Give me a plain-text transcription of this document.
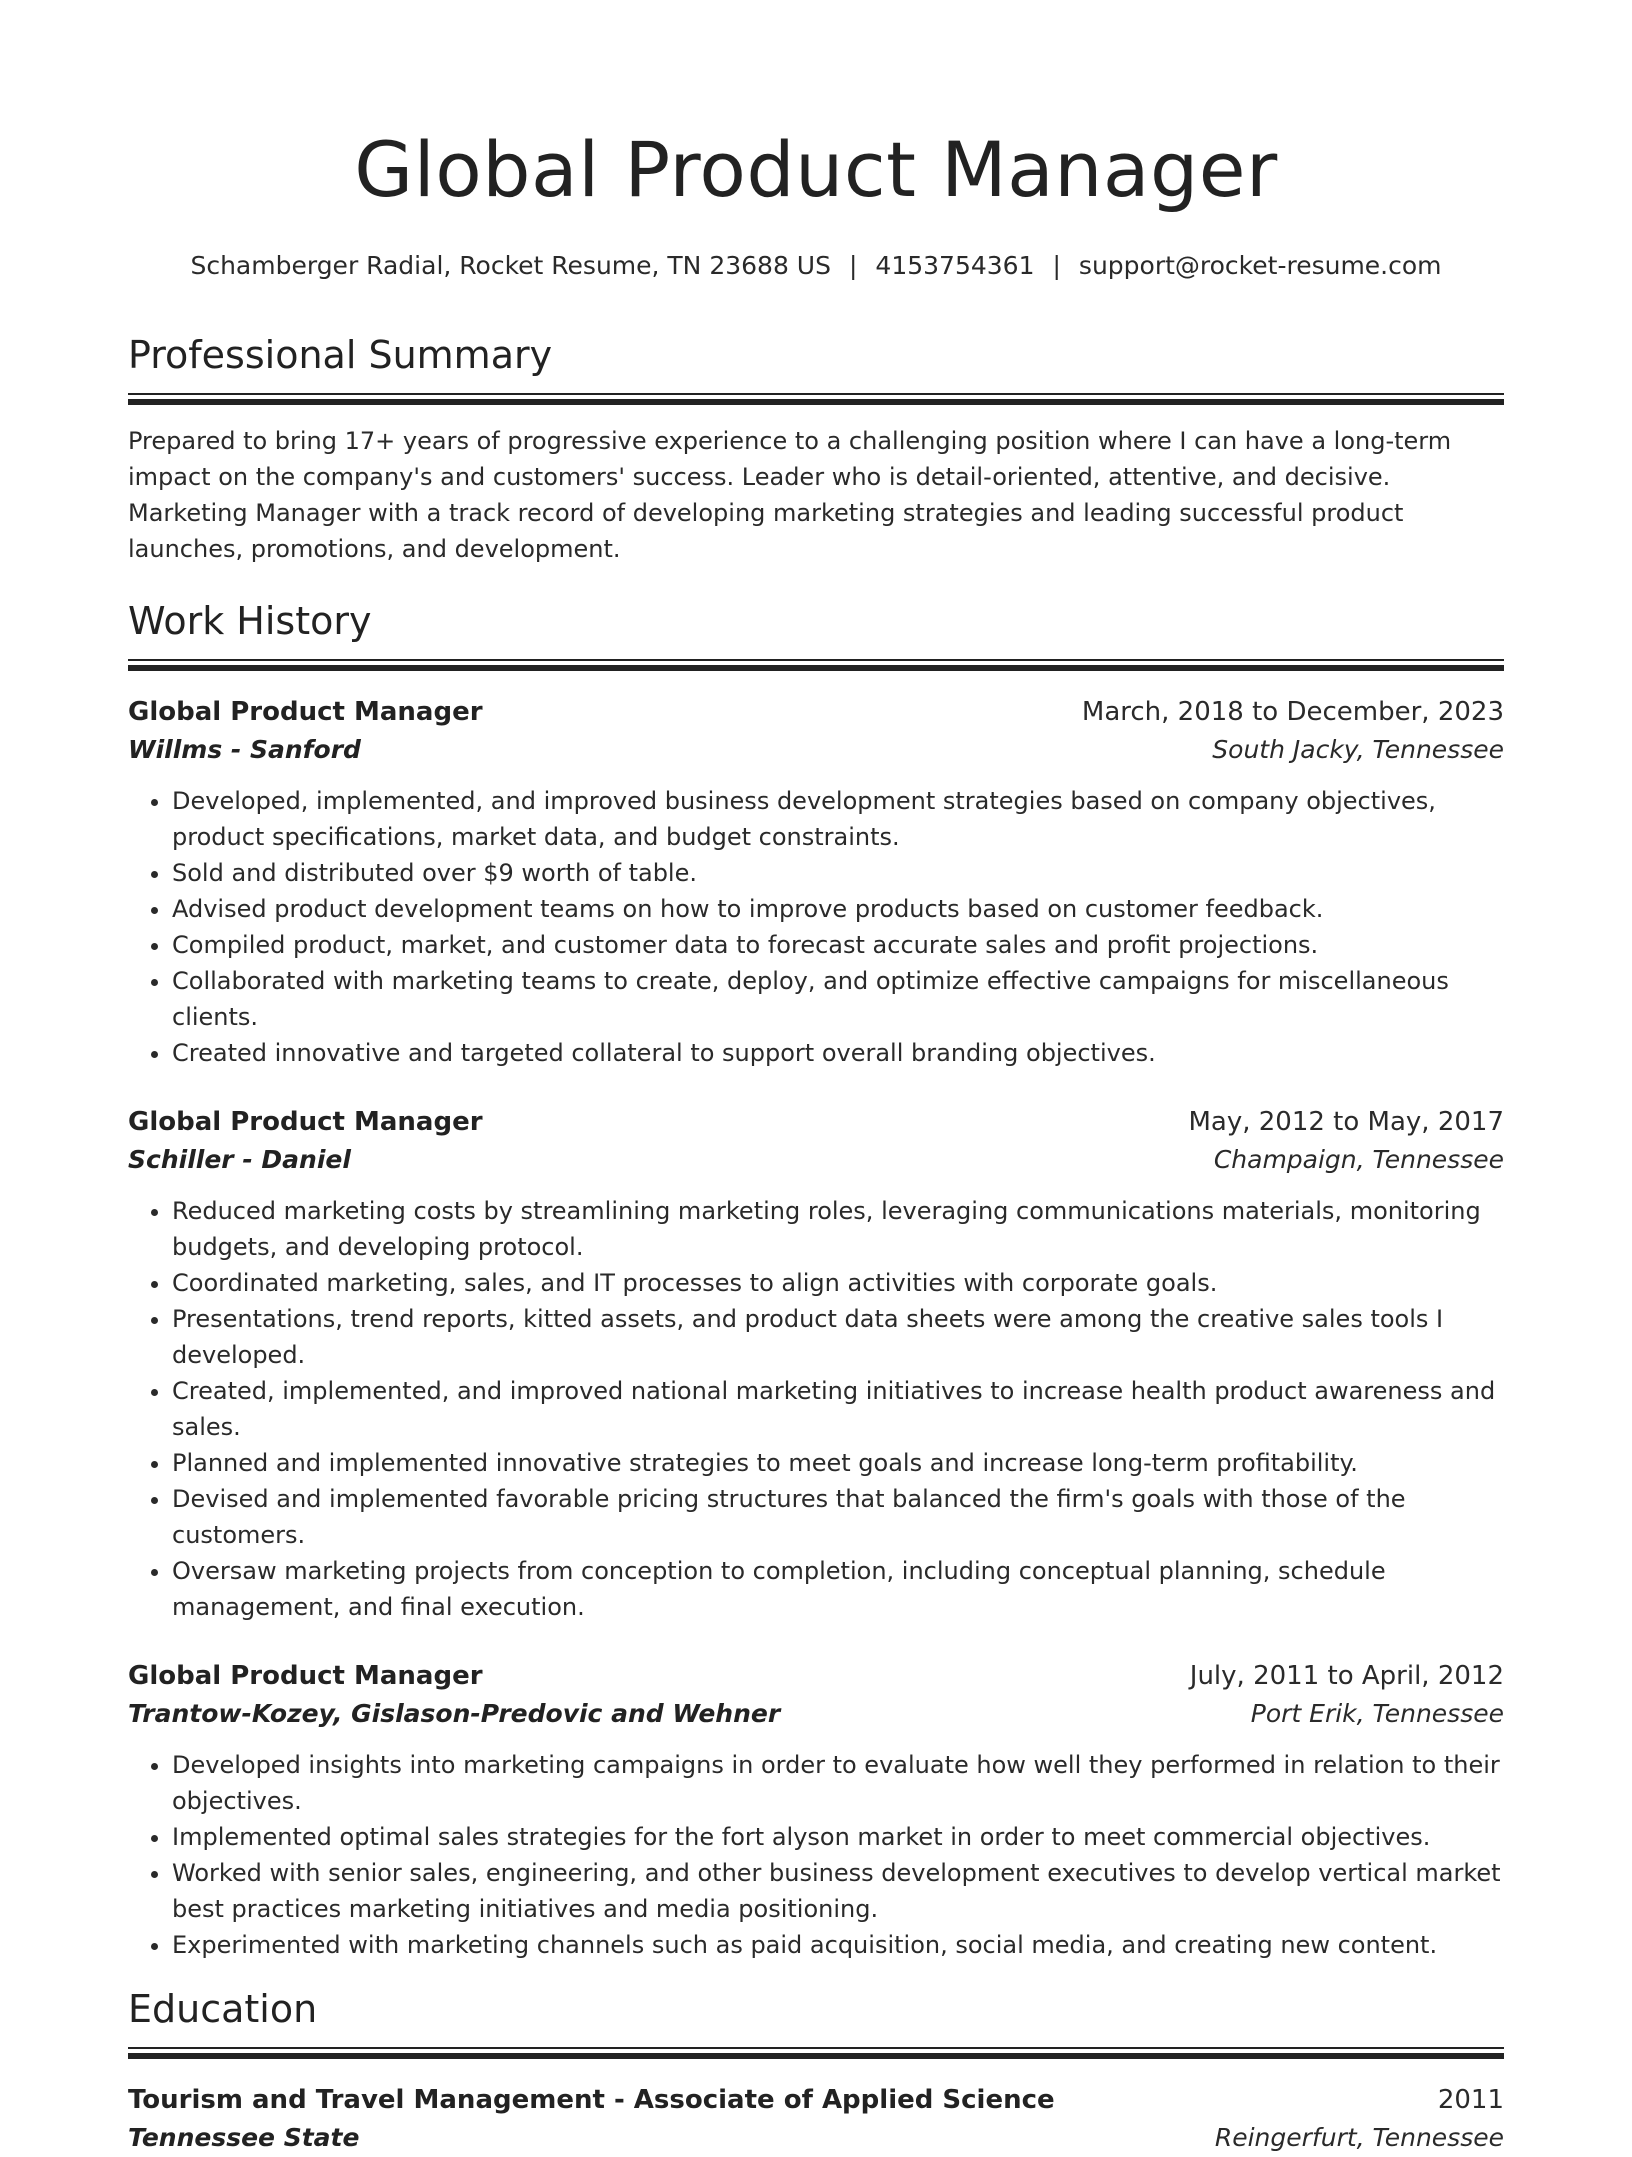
Global Product Manager
Schamberger Radial, Rocket Resume, TN 23688 US | 4153754361 | support@rocket-resume.com
Professional Summary
Prepared to bring 17+ years of progressive experience to a challenging position where I can have a long-term impact on the company's and customers' success. Leader who is detail-oriented, attentive, and decisive. Marketing Manager with a track record of developing marketing strategies and leading successful product launches, promotions, and development.
Work History
Global Product Manager	March, 2018 to December, 2023
Willms - Sanford	South Jacky, Tennessee
• Developed, implemented, and improved business development strategies based on company objectives, product specifications, market data, and budget constraints.
• Sold and distributed over $9 worth of table.
• Advised product development teams on how to improve products based on customer feedback.
• Compiled product, market, and customer data to forecast accurate sales and profit projections.
• Collaborated with marketing teams to create, deploy, and optimize effective campaigns for miscellaneous clients.
• Created innovative and targeted collateral to support overall branding objectives.
Global Product Manager	May, 2012 to May, 2017
Schiller - Daniel	Champaign, Tennessee
• Reduced marketing costs by streamlining marketing roles, leveraging communications materials, monitoring budgets, and developing protocol.
• Coordinated marketing, sales, and IT processes to align activities with corporate goals.
• Presentations, trend reports, kitted assets, and product data sheets were among the creative sales tools I developed.
• Created, implemented, and improved national marketing initiatives to increase health product awareness and sales.
• Planned and implemented innovative strategies to meet goals and increase long-term profitability.
• Devised and implemented favorable pricing structures that balanced the firm's goals with those of the customers.
• Oversaw marketing projects from conception to completion, including conceptual planning, schedule management, and final execution.
Global Product Manager	July, 2011 to April, 2012
Trantow-Kozey, Gislason-Predovic and Wehner	Port Erik, Tennessee
• Developed insights into marketing campaigns in order to evaluate how well they performed in relation to their objectives.
• Implemented optimal sales strategies for the fort alyson market in order to meet commercial objectives.
• Worked with senior sales, engineering, and other business development executives to develop vertical market best practices marketing initiatives and media positioning.
• Experimented with marketing channels such as paid acquisition, social media, and creating new content.
Education
Tourism and Travel Management - Associate of Applied Science	2011
Tennessee State	Reingerfurt, Tennessee
